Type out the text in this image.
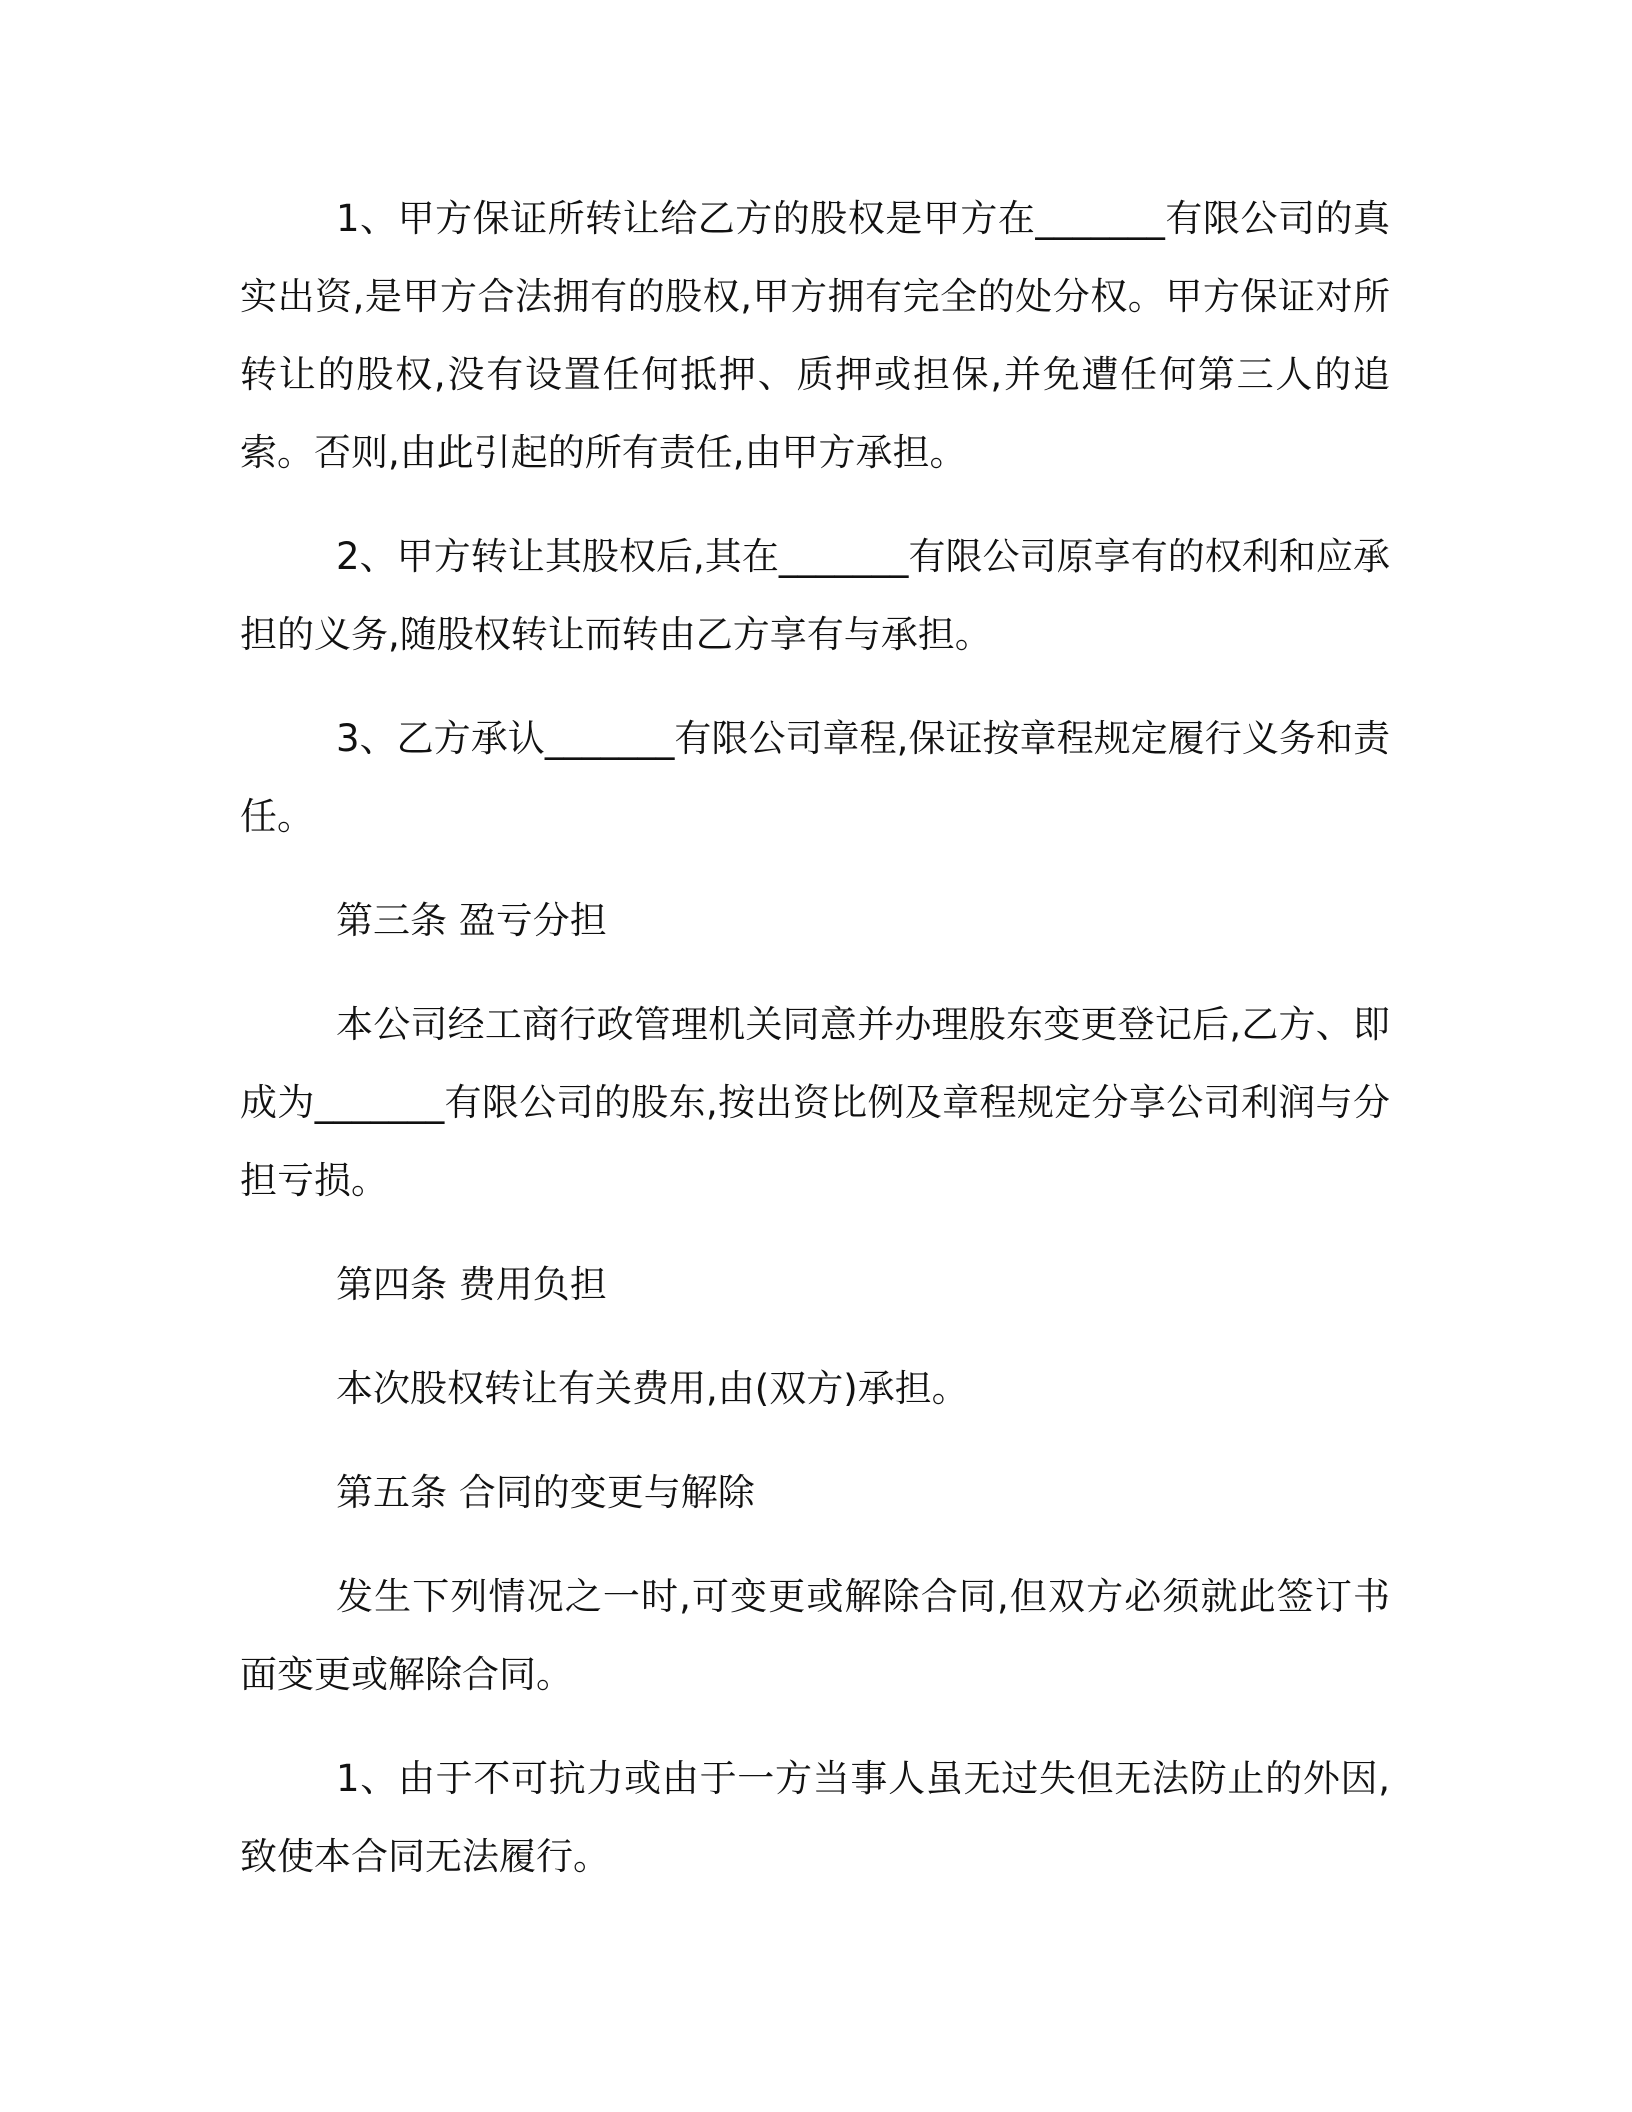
1、甲方保证所转让给乙方的股权是甲方在_______有限公司的真实出资,是甲方合法拥有的股权,甲方拥有完全的处分权。甲方保证对所转让的股权,没有设置任何抵押、质押或担保,并免遭任何第三人的追索。否则,由此引起的所有责任,由甲方承担。

2、甲方转让其股权后,其在_______有限公司原享有的权利和应承担的义务,随股权转让而转由乙方享有与承担。

3、乙方承认_______有限公司章程,保证按章程规定履行义务和责任。

第三条 盈亏分担

本公司经工商行政管理机关同意并办理股东变更登记后,乙方、即成为_______有限公司的股东,按出资比例及章程规定分享公司利润与分担亏损。

第四条 费用负担

本次股权转让有关费用,由(双方)承担。

第五条 合同的变更与解除

发生下列情况之一时,可变更或解除合同,但双方必须就此签订书面变更或解除合同。

1、由于不可抗力或由于一方当事人虽无过失但无法防止的外因,致使本合同无法履行。
